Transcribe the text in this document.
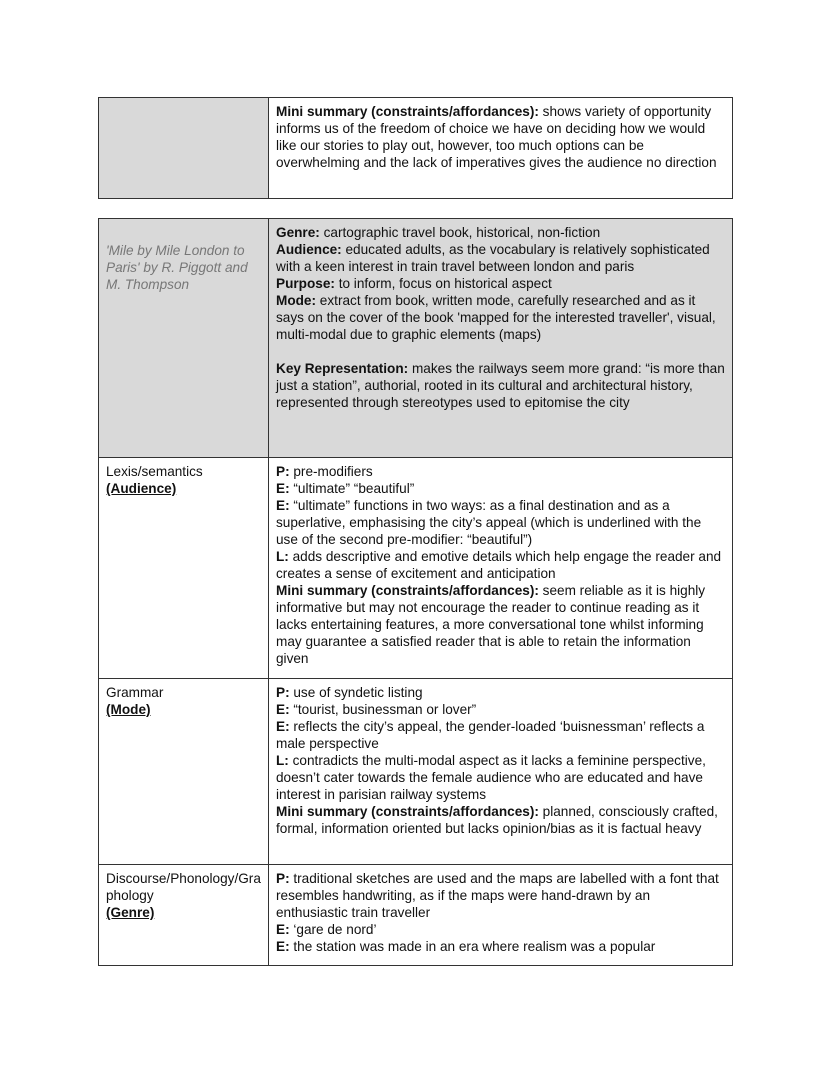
	Mini summary (constraints/affordances): shows variety of opportunity informs us of the freedom of choice we have on deciding how we would like our stories to play out, however, too much options can be overwhelming and the lack of imperatives gives the audience no direction
'Mile by Mile London to Paris' by R. Piggott and M. Thompson	Genre: cartographic travel book, historical, non-fiction
Audience: educated adults, as the vocabulary is relatively sophisticated with a keen interest in train travel between london and paris
Purpose: to inform, focus on historical aspect
Mode: extract from book, written mode, carefully researched and as it says on the cover of the book 'mapped for the interested traveller', visual, multi-modal due to graphic elements (maps)
Key Representation: makes the railways seem more grand: “is more than just a station”, authorial, rooted in its cultural and architectural history, represented through stereotypes used to epitomise the city

Lexis/semantics
(Audience)	P: pre-modifiers
E: “ultimate” “beautiful”
E: “ultimate” functions in two ways: as a final destination and as a superlative, emphasising the city’s appeal (which is underlined with the use of the second pre-modifier: “beautiful”)
L: adds descriptive and emotive details which help engage the reader and creates a sense of excitement and anticipation
Mini summary (constraints/affordances): seem reliable as it is highly informative but may not encourage the reader to continue reading as it lacks entertaining features, a more conversational tone whilst informing may guarantee a satisfied reader that is able to retain the information given

Grammar
(Mode)	P: use of syndetic listing
E: “tourist, businessman or lover”
E: reflects the city’s appeal, the gender-loaded ‘buisnessman’ reflects a male perspective
L: contradicts the multi-modal aspect as it lacks a feminine perspective, doesn’t cater towards the female audience who are educated and have interest in parisian railway systems
Mini summary (constraints/affordances): planned, consciously crafted, formal, information oriented but lacks opinion/bias as it is factual heavy

Discourse/Phonology/Graphology
(Genre)	P: traditional sketches are used and the maps are labelled with a font that resembles handwriting, as if the maps were hand-drawn by an enthusiastic train traveller
E: ‘gare de nord’
E: the station was made in an era where realism was a popular
